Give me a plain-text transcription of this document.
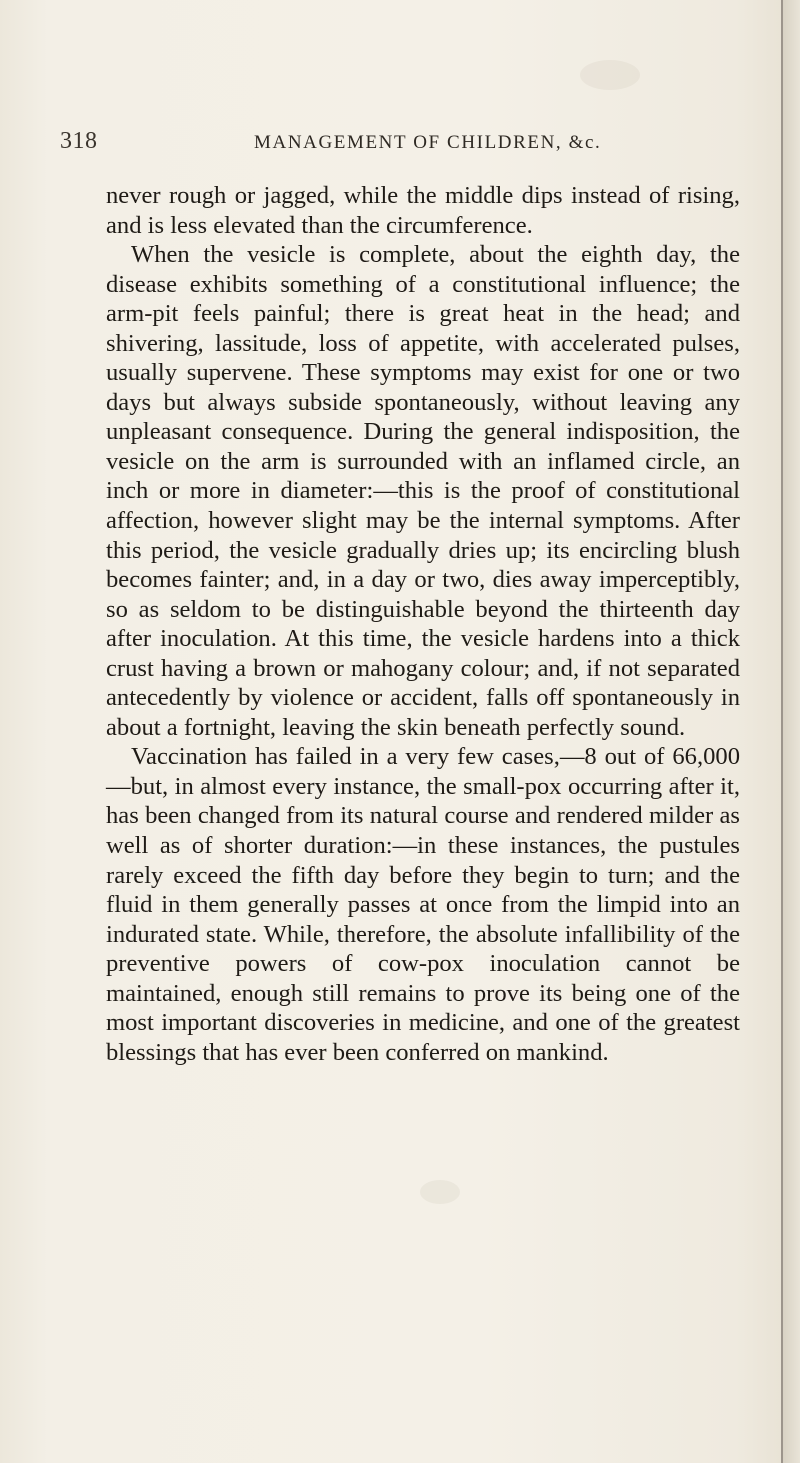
318	MANAGEMENT OF CHILDREN, &c.

never rough or jagged, while the middle dips instead of rising, and is less elevated than the circumference.

When the vesicle is complete, about the eighth day, the disease exhibits something of a constitutional influence; the arm-pit feels painful; there is great heat in the head; and shivering, lassitude, loss of appetite, with accelerated pulses, usually supervene. These symptoms may exist for one or two days but always subside spontaneously, without leaving any unpleasant consequence. During the general indisposition, the vesicle on the arm is surrounded with an inflamed circle, an inch or more in diameter:—this is the proof of constitutional affection, however slight may be the internal symptoms. After this period, the vesicle gradually dries up; its encircling blush becomes fainter; and, in a day or two, dies away imperceptibly, so as seldom to be distinguishable beyond the thirteenth day after inoculation. At this time, the vesicle hardens into a thick crust having a brown or mahogany colour; and, if not separated antecedently by violence or accident, falls off spontaneously in about a fortnight, leaving the skin beneath perfectly sound.

Vaccination has failed in a very few cases,—8 out of 66,000—but, in almost every instance, the small-pox occurring after it, has been changed from its natural course and rendered milder as well as of shorter duration:—in these instances, the pustules rarely exceed the fifth day before they begin to turn; and the fluid in them generally passes at once from the limpid into an indurated state. While, therefore, the absolute infallibility of the preventive powers of cow-pox inoculation cannot be maintained, enough still remains to prove its being one of the most important discoveries in medicine, and one of the greatest blessings that has ever been conferred on mankind.
